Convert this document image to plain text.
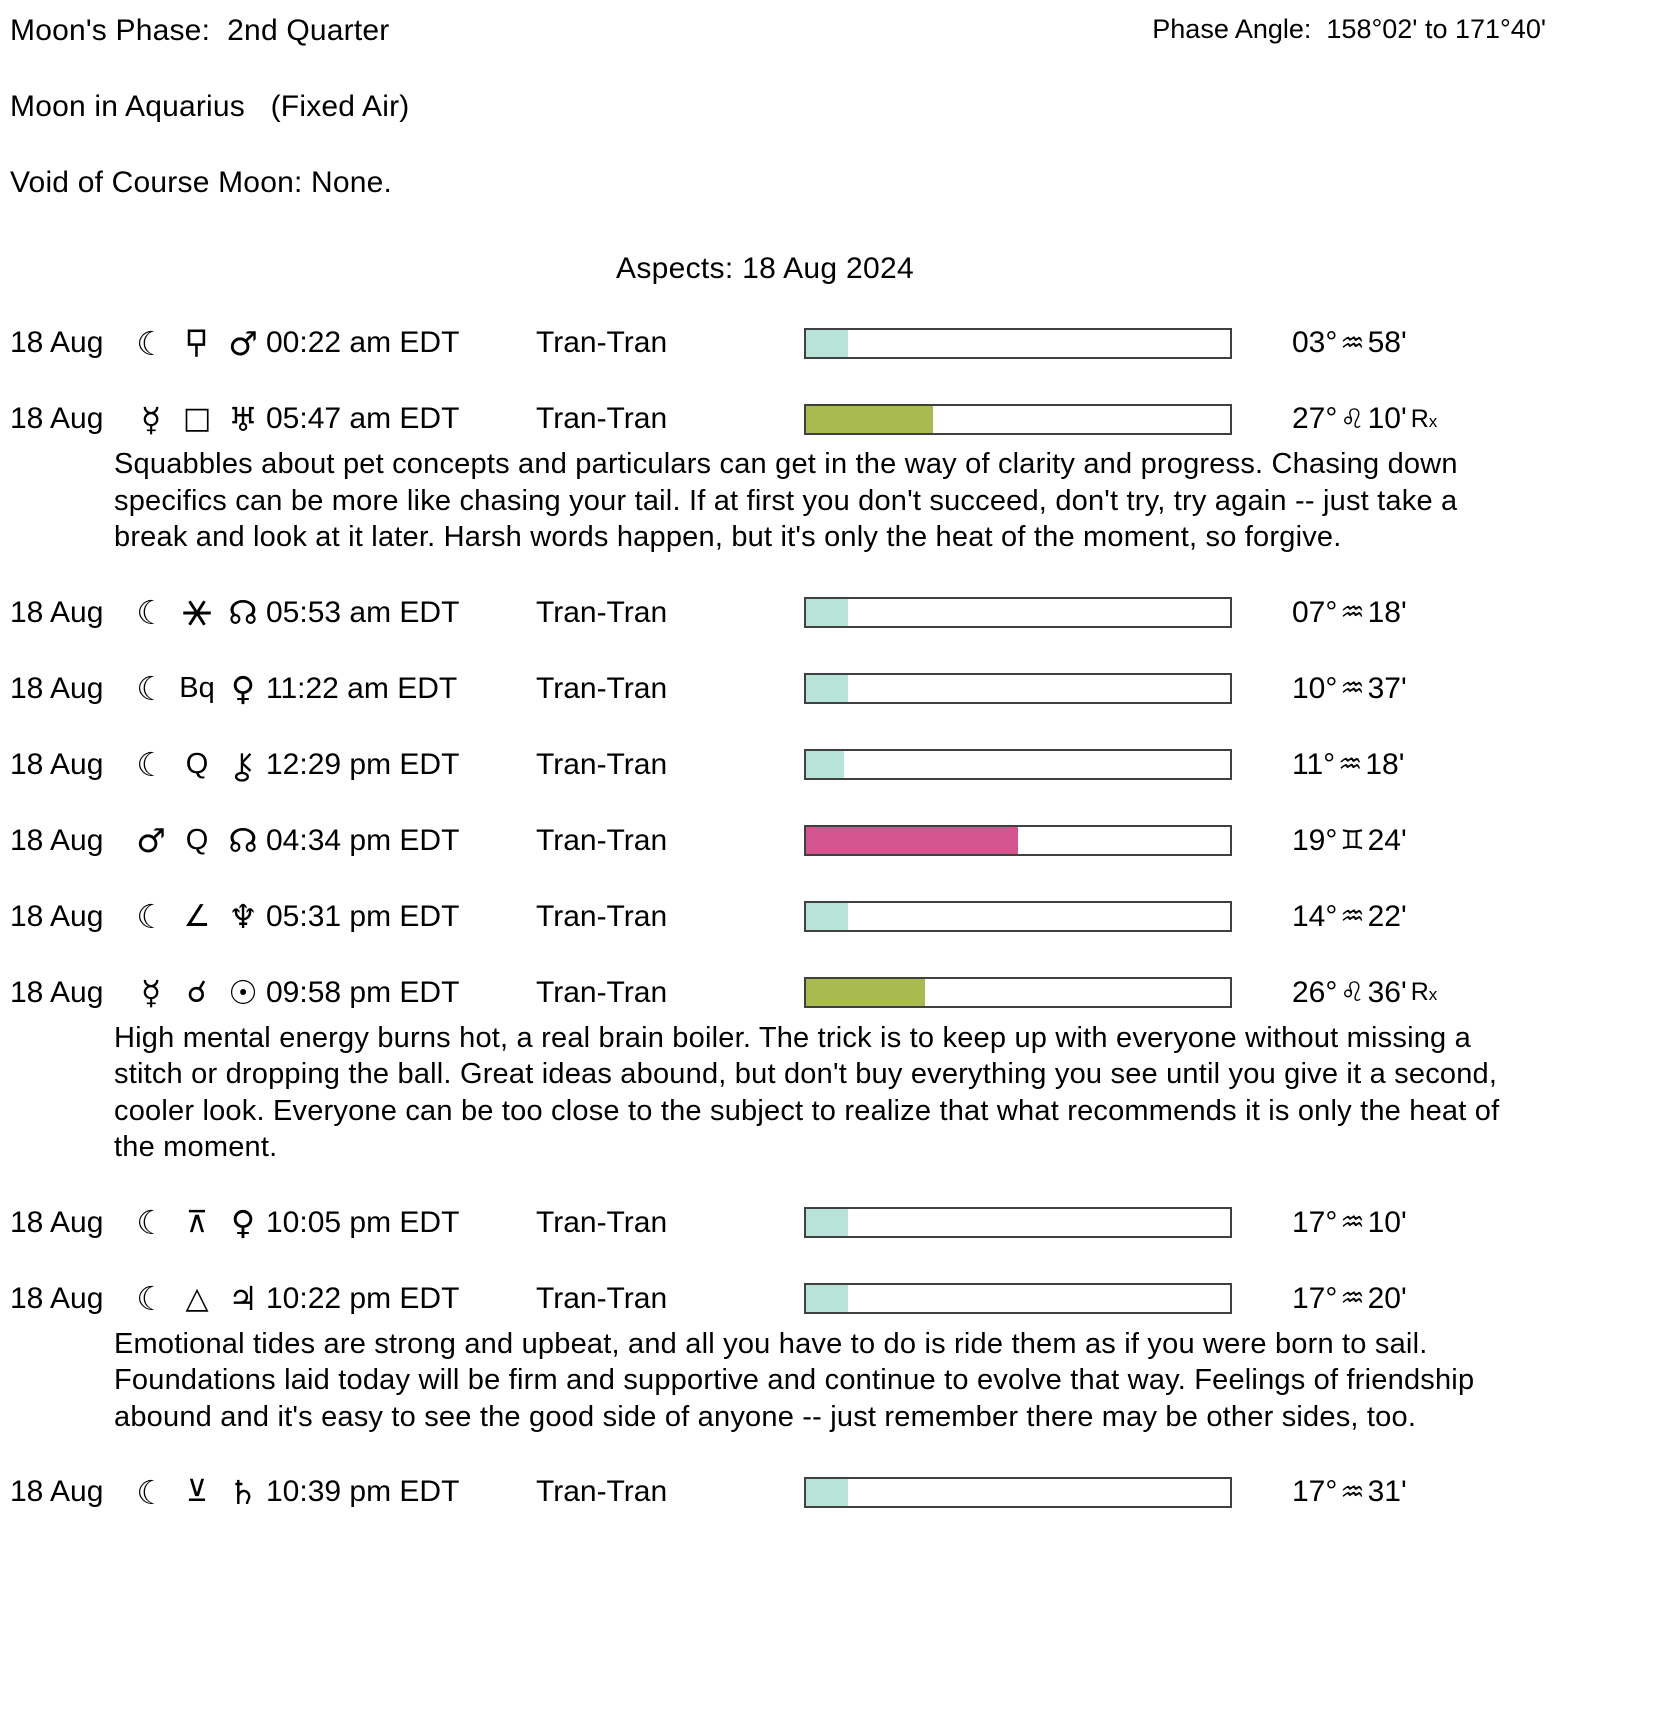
Moon's Phase:  2nd Quarter
Moon in Aquarius   (Fixed Air)
Void of Course Moon: None.
Aspects: 18 Aug 2024
18 Aug ☾ ♂ 00:22 am EDT	Tran-Tran	03° ♒ 58'
18 Aug	☿ □ ♅ 05:47 am EDT	Tran-Tran	27° ♌ 10' Rx
Squabbles about pet concepts and particulars can get in the way of clarity and progress. Chasing down specifics can be more like chasing your tail. If at first you don't succeed, don't try, try again -- just take a break and look at it later. Harsh words happen, but it's only the heat of the moment, so forgive.
18 Aug ☾ ☊ 05:53 am EDT	Tran-Tran	07° ♒ 18'
18 Aug ☾ Bq ♀ 11:22 am EDT	Tran-Tran	10° ♒ 37'
18 Aug ☾ Q	12:29 pm EDT	Tran-Tran	11° ♒ 18'
18 Aug ♂ Q ☊ 04:34 pm EDT	Tran-Tran	19° ♊ 24'
18 Aug ☾ ∠ ♆ 05:31 pm EDT	Tran-Tran	14° ♒ 22'
18 Aug	☿ ☌ ☉ 09:58 pm EDT	Tran-Tran	26° ♌ 36' Rx
High mental energy burns hot, a real brain boiler. The trick is to keep up with everyone without missing a stitch or dropping the ball. Great ideas abound, but don't buy everything you see until you give it a second, cooler look. Everyone can be too close to the subject to realize that what recommends it is only the heat of the moment.
18 Aug ☾ ⊼ ♀ 10:05 pm EDT	Tran-Tran	17° ♒ 10'
18 Aug ☾ △ ♃ 10:22 pm EDT	Tran-Tran	17° ♒ 20'
Emotional tides are strong and upbeat, and all you have to do is ride them as if you were born to sail. Foundations laid today will be firm and supportive and continue to evolve that way. Feelings of friendship abound and it's easy to see the good side of anyone -- just remember there may be other sides, too.
18 Aug ☾ ⊻ ♄ 10:39 pm EDT	Tran-Tran	17° ♒ 31'
Phase Angle:  158°02' to 171°40'
